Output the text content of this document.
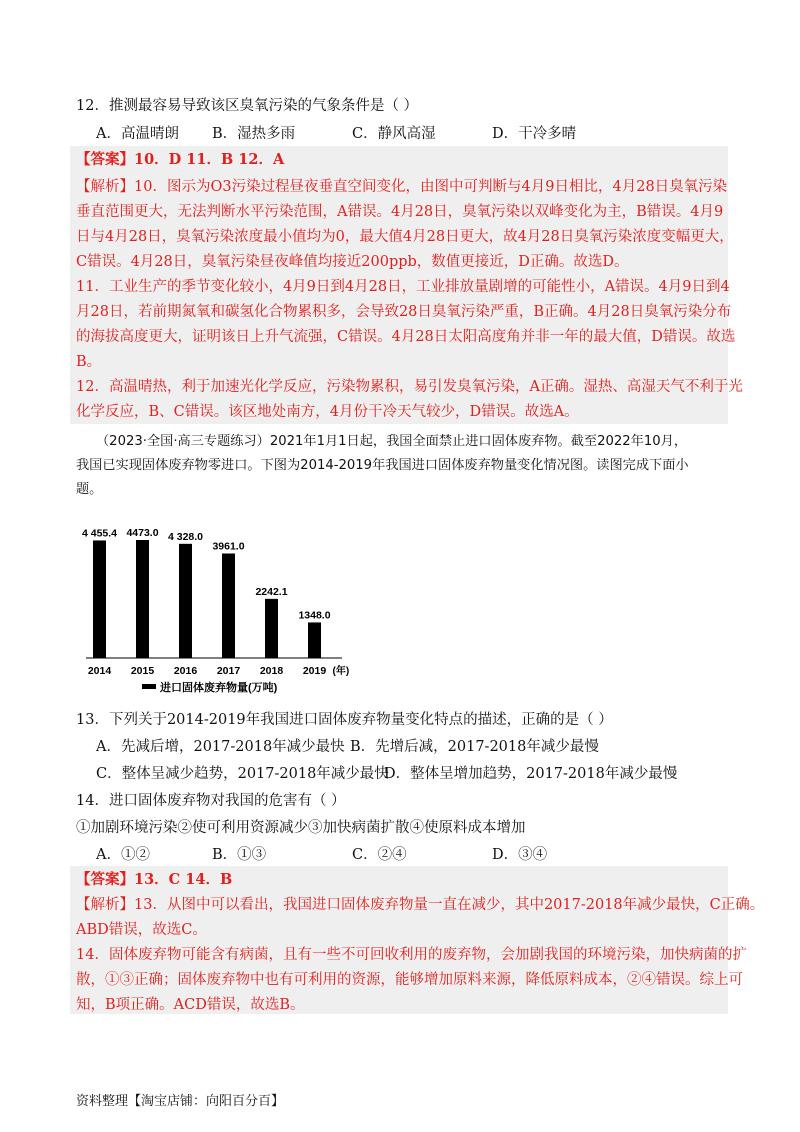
12．推测最容易导致该区臭氧污染的气象条件是（ ）
A．高温晴朗 B．湿热多雨	C．静风高湿	D．干冷多晴
【答案】10．D 11．B 12．A
【解析】10．图示为O3污染过程昼夜垂直空间变化，由图中可判断与4月9日相比，4月28日臭氧污染
垂直范围更大，无法判断水平污染范围，A错误。4月28日，臭氧污染以双峰变化为主，B错误。4月9
日与4月28日，臭氧污染浓度最小值均为0，最大值4月28日更大，故4月28日臭氧污染浓度变幅更大，
C错误。4月28日，臭氧污染昼夜峰值均接近200ppb，数值更接近，D正确。故选D。
11．工业生产的季节变化较小，4月9日到4月28日，工业排放量剧增的可能性小，A错误。4月9日到4
月28日，若前期氮氧和碳氢化合物累积多，会导致28日臭氧污染严重，B正确。4月28日臭氧污染分布
的海拔高度更大，证明该日上升气流强，C错误。4月28日太阳高度角并非一年的最大值，D错误。故选
B。
12．高温晴热，利于加速光化学反应，污染物累积，易引发臭氧污染，A正确。湿热、高湿天气不利于光
化学反应，B、C错误。该区地处南方，4月份干冷天气较少，D错误。故选A。
（2023·全国·高三专题练习）2021年1月1日起，我国全面禁止进口固体废弃物。截至2022年10月，
我国已实现固体废弃物零进口。下图为2014-2019年我国进口固体废弃物量变化情况图。读图完成下面小
题。
4 455.4
2014
4473.0
2015
4 328.0
2016
3961.0
2017
2242.1
2018
1348.0
2019 (年)
进口固体废弃物量(万吨)
13．下列关于2014-2019年我国进口固体废弃物量变化特点的描述，正确的是（ ）
A．先减后增，2017-2018年减少最快 B．先增后减，2017-2018年减少最慢
C．整体呈减少趋势，2017-2018年减少最快
D．整体呈增加趋势，2017-2018年减少最慢
14．进口固体废弃物对我国的危害有（ ）
①加剧环境污染②使可利用资源减少③加快病菌扩散④使原料成本增加
A．①②	B．①③	C．②④	D．③④
【答案】13．C 14．B
【解析】13．从图中可以看出，我国进口固体废弃物量一直在减少，其中2017-2018年减少最快，C正确。
ABD错误，故选C。
14．固体废弃物可能含有病菌，且有一些不可回收利用的废弃物，会加剧我国的环境污染，加快病菌的扩
散，①③正确；固体废弃物中也有可利用的资源，能够增加原料来源，降低原料成本，②④错误。综上可
知，B项正确。ACD错误，故选B。
资料整理【淘宝店铺：向阳百分百】
